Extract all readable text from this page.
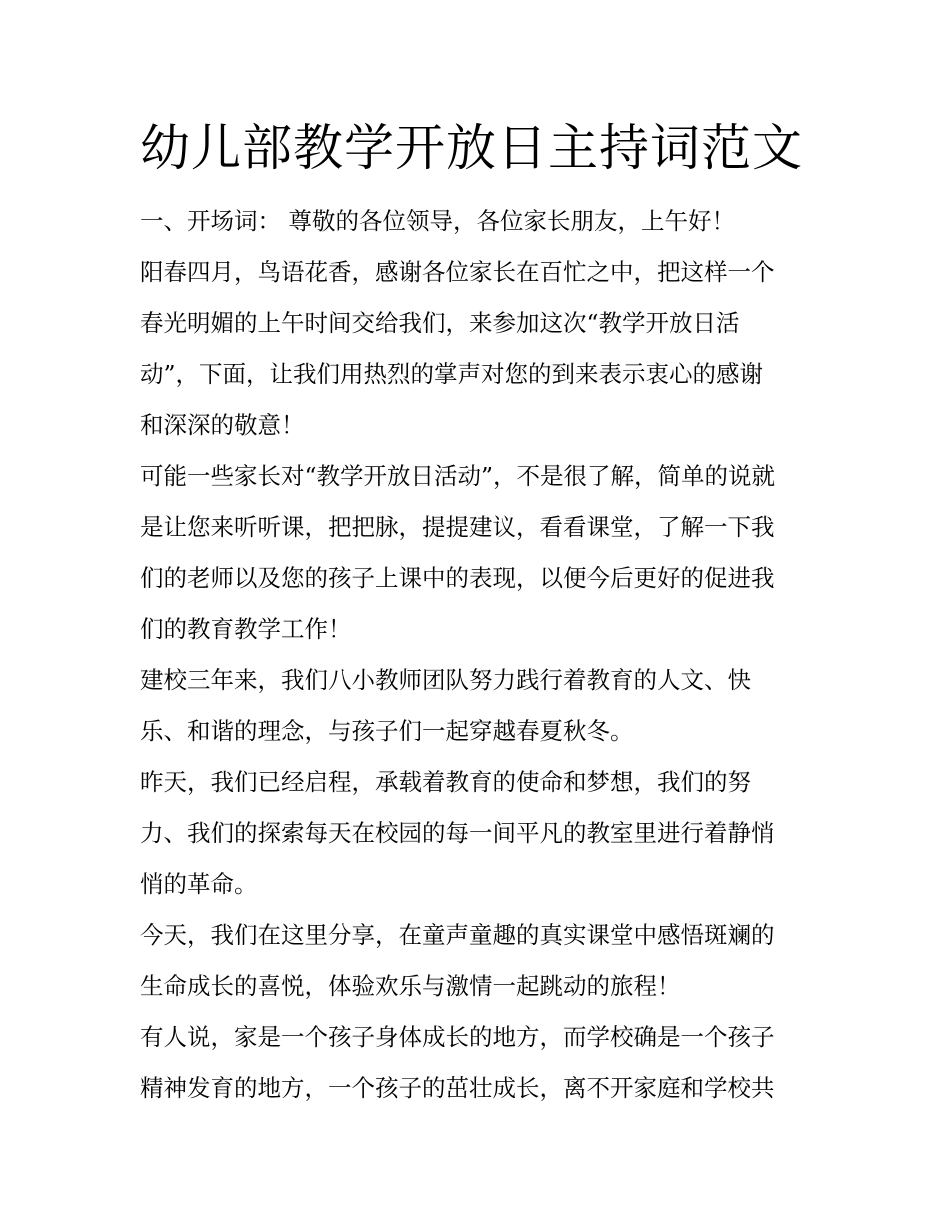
幼儿部教学开放日主持词范文
一、开场词： 尊敬的各位领导，各位家长朋友，上午好！
阳春四月，鸟语花香，感谢各位家长在百忙之中，把这样一个
春光明媚的上午时间交给我们，来参加这次“教学开放日活
动”，下面，让我们用热烈的掌声对您的到来表示衷心的感谢
和深深的敬意！
可能一些家长对“教学开放日活动”，不是很了解，简单的说就
是让您来听听课，把把脉，提提建议，看看课堂，了解一下我
们的老师以及您的孩子上课中的表现，以便今后更好的促进我
们的教育教学工作！
建校三年来，我们八小教师团队努力践行着教育的人文、快
乐、和谐的理念，与孩子们一起穿越春夏秋冬。
昨天，我们已经启程，承载着教育的使命和梦想，我们的努
力、我们的探索每天在校园的每一间平凡的教室里进行着静悄
悄的革命。
今天，我们在这里分享，在童声童趣的真实课堂中感悟斑斓的
生命成长的喜悦，体验欢乐与激情一起跳动的旅程！
有人说，家是一个孩子身体成长的地方，而学校确是一个孩子
精神发育的地方，一个孩子的茁壮成长，离不开家庭和学校共
